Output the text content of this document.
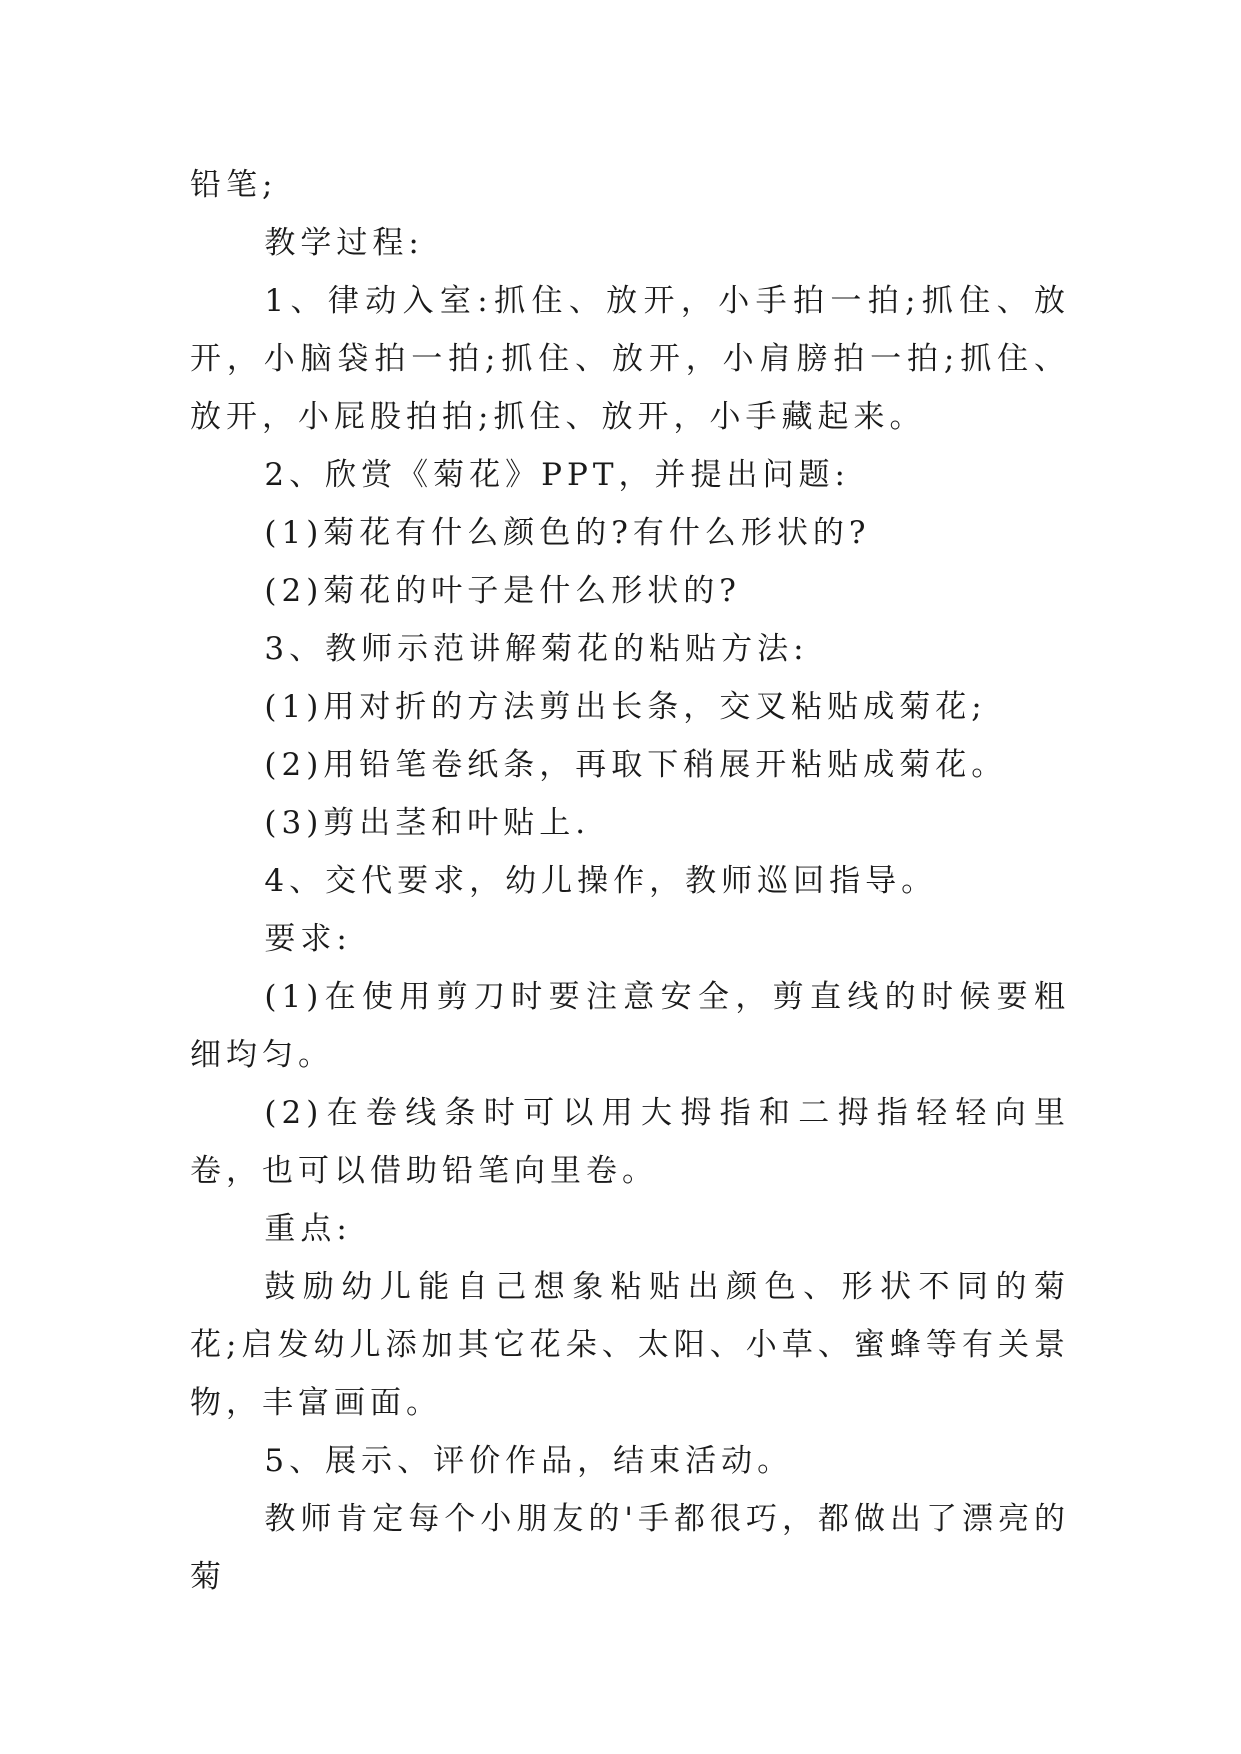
铅笔;

教学过程:

1、律动入室:抓住、放开，小手拍一拍;抓住、放开，小脑袋拍一拍;抓住、放开，小肩膀拍一拍;抓住、放开，小屁股拍拍;抓住、放开，小手藏起来。

2、欣赏《菊花》PPT，并提出问题:

(1)菊花有什么颜色的?有什么形状的?

(2)菊花的叶子是什么形状的?

3、教师示范讲解菊花的粘贴方法:

(1)用对折的方法剪出长条，交叉粘贴成菊花;

(2)用铅笔卷纸条，再取下稍展开粘贴成菊花。

(3)剪出茎和叶贴上.

4、交代要求，幼儿操作，教师巡回指导。

要求:

(1)在使用剪刀时要注意安全，剪直线的时候要粗细均匀。

(2)在卷线条时可以用大拇指和二拇指轻轻向里卷，也可以借助铅笔向里卷。

重点:

鼓励幼儿能自己想象粘贴出颜色、形状不同的菊花;启发幼儿添加其它花朵、太阳、小草、蜜蜂等有关景物，丰富画面。

5、展示、评价作品，结束活动。

教师肯定每个小朋友的'手都很巧，都做出了漂亮的菊
